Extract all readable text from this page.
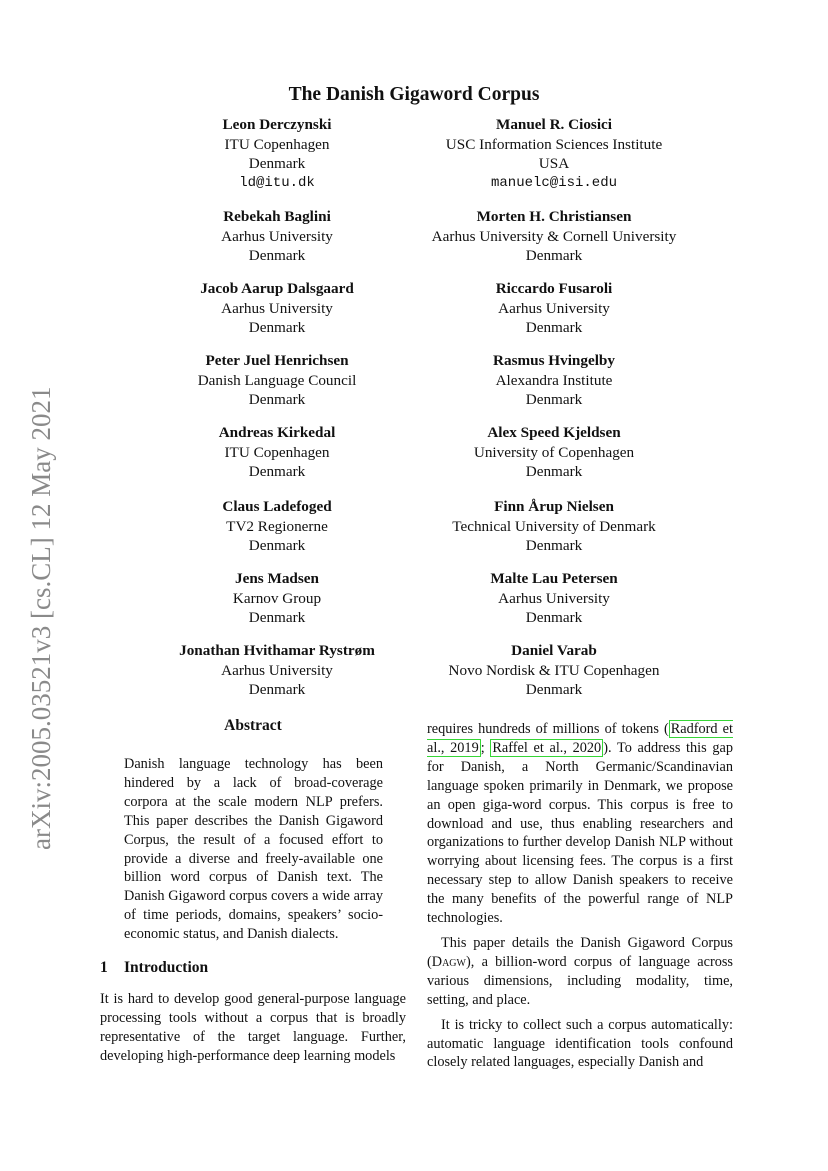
arXiv:2005.03521v3 [cs.CL] 12 May 2021
The Danish Gigaword Corpus
Leon Derczynski
ITU Copenhagen
Denmark
ld@itu.dk
Manuel R. Ciosici
USC Information Sciences Institute
USA
manuelc@isi.edu
Rebekah Baglini
Aarhus University
Denmark
Morten H. Christiansen
Aarhus University & Cornell University
Denmark
Jacob Aarup Dalsgaard
Aarhus University
Denmark
Riccardo Fusaroli
Aarhus University
Denmark
Peter Juel Henrichsen
Danish Language Council
Denmark
Rasmus Hvingelby
Alexandra Institute
Denmark
Andreas Kirkedal
ITU Copenhagen
Denmark
Alex Speed Kjeldsen
University of Copenhagen
Denmark
Claus Ladefoged
TV2 Regionerne
Denmark
Finn Årup Nielsen
Technical University of Denmark
Denmark
Jens Madsen
Karnov Group
Denmark
Malte Lau Petersen
Aarhus University
Denmark
Jonathan Hvithamar Rystrøm
Aarhus University
Denmark
Daniel Varab
Novo Nordisk & ITU Copenhagen
Denmark
Abstract
Danish language technology has been hindered by a lack of broad-coverage corpora at the scale modern NLP prefers. This paper describes the Danish Gigaword Corpus, the result of a focused effort to provide a diverse and freely-available one billion word corpus of Danish text. The Danish Gigaword corpus covers a wide array of time periods, domains, speakers’ socio-economic status, and Danish dialects.
1 Introduction
It is hard to develop good general-purpose language processing tools without a corpus that is broadly representative of the target language. Further, developing high-performance deep learning models

requires hundreds of millions of tokens ( Radford et al., 2019 ; Raffel et al., 2020 ). To address this gap for Danish, a North Germanic/Scandinavian language spoken primarily in Denmark, we propose an open giga-word corpus. This corpus is free to download and use, thus enabling researchers and organizations to further develop Danish NLP without worrying about licensing fees. The corpus is a first necessary step to allow Danish speakers to receive the many benefits of the powerful range of NLP technologies.

This paper details the Danish Gigaword Corpus (Dagw), a billion-word corpus of language across various dimensions, including modality, time, setting, and place.

It is tricky to collect such a corpus automatically: automatic language identification tools confound closely related languages, especially Danish and
